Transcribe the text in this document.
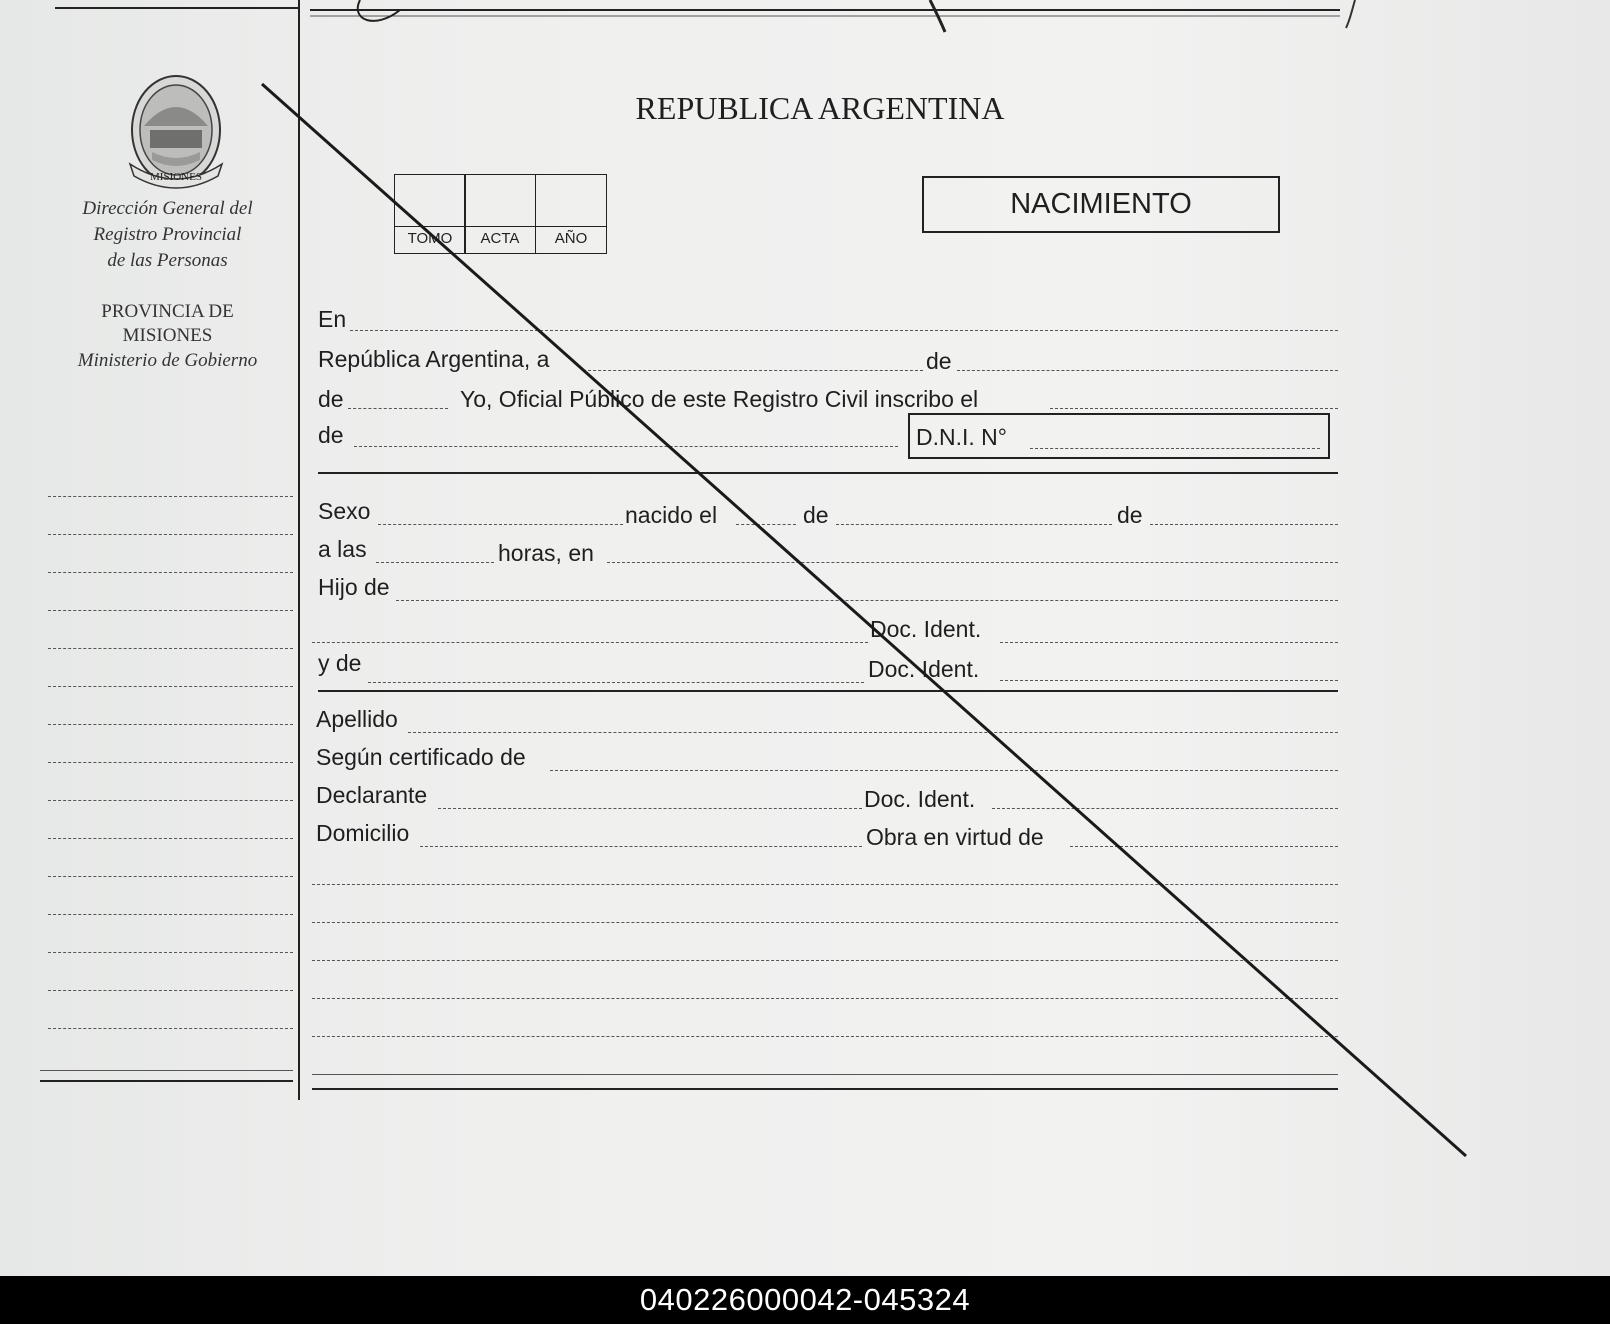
MISIONES
Dirección General del
Registro Provincial
de las Personas
PROVINCIA DE
MISIONES
Ministerio de Gobierno
REPUBLICA ARGENTINA
TOMO	ACTA	AÑO
NACIMIENTO
En
República Argentina, a	de
de	Yo, Oficial Público de este Registro Civil inscribo el
de	D.N.I. N°
Sexo	nacido el	de	de
a las	horas, en
Hijo de
Doc. Ident.
y de	Doc. Ident.
Apellido
Según certificado de
Declarante	Doc. Ident.
Domicilio	Obra en virtud de
040226000042-045324
